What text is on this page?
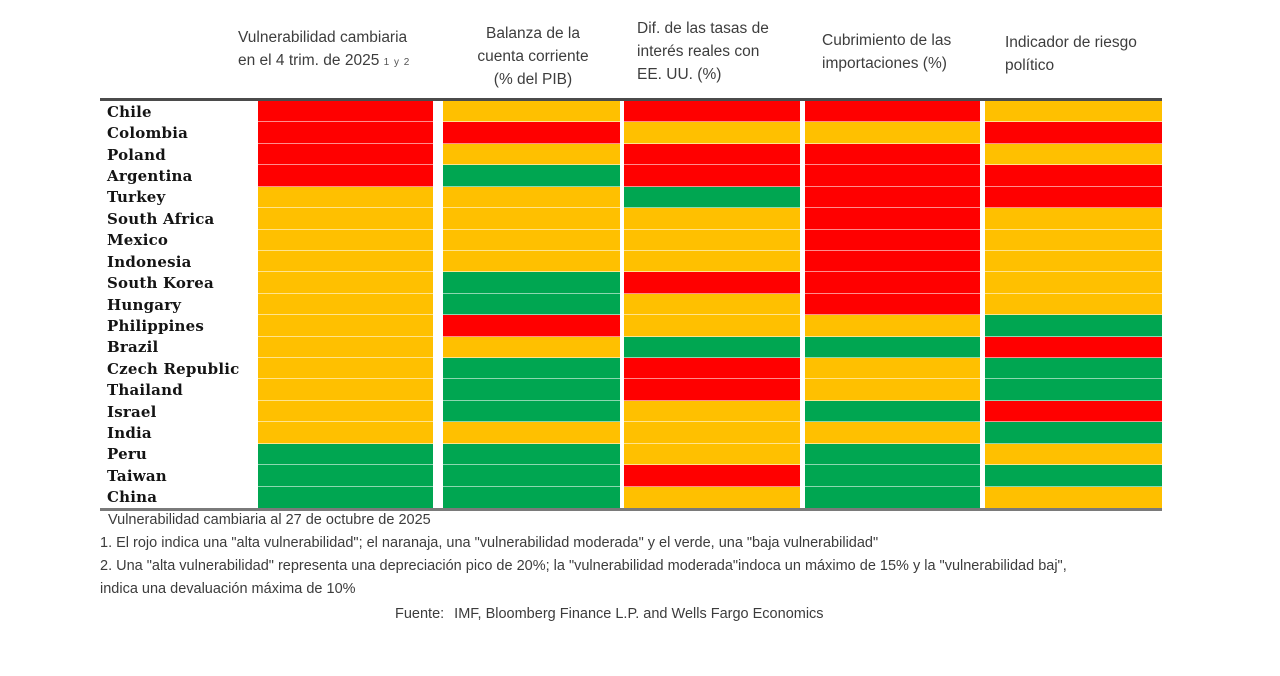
Vulnerabilidad cambiaria
en el 4 trim. de 2025 1 y 2
Balanza de la
cuenta corriente
(% del PIB)
Dif. de las tasas de
interés reales con
EE. UU. (%)
Cubrimiento de las
importaciones (%)
Indicador de riesgo
político
Chile
Colombia
Poland
Argentina
Turkey
South Africa
Mexico
Indonesia
South Korea
Hungary
Philippines
Brazil
Czech Republic
Thailand
Israel
India
Peru
Taiwan
China
Vulnerabilidad cambiaria al 27 de octubre de 2025
1. El rojo indica una "alta vulnerabilidad"; el naranaja, una "vulnerabilidad moderada" y el verde, una "baja vulnerabilidad"
2. Una "alta vulnerabilidad" representa una depreciación pico de 20%; la "vulnerabilidad moderada"indoca un máximo de 15% y la "vulnerabilidad baj",
indica una devaluación máxima de 10%
Fuente: IMF, Bloomberg Finance L.P. and Wells Fargo Economics
